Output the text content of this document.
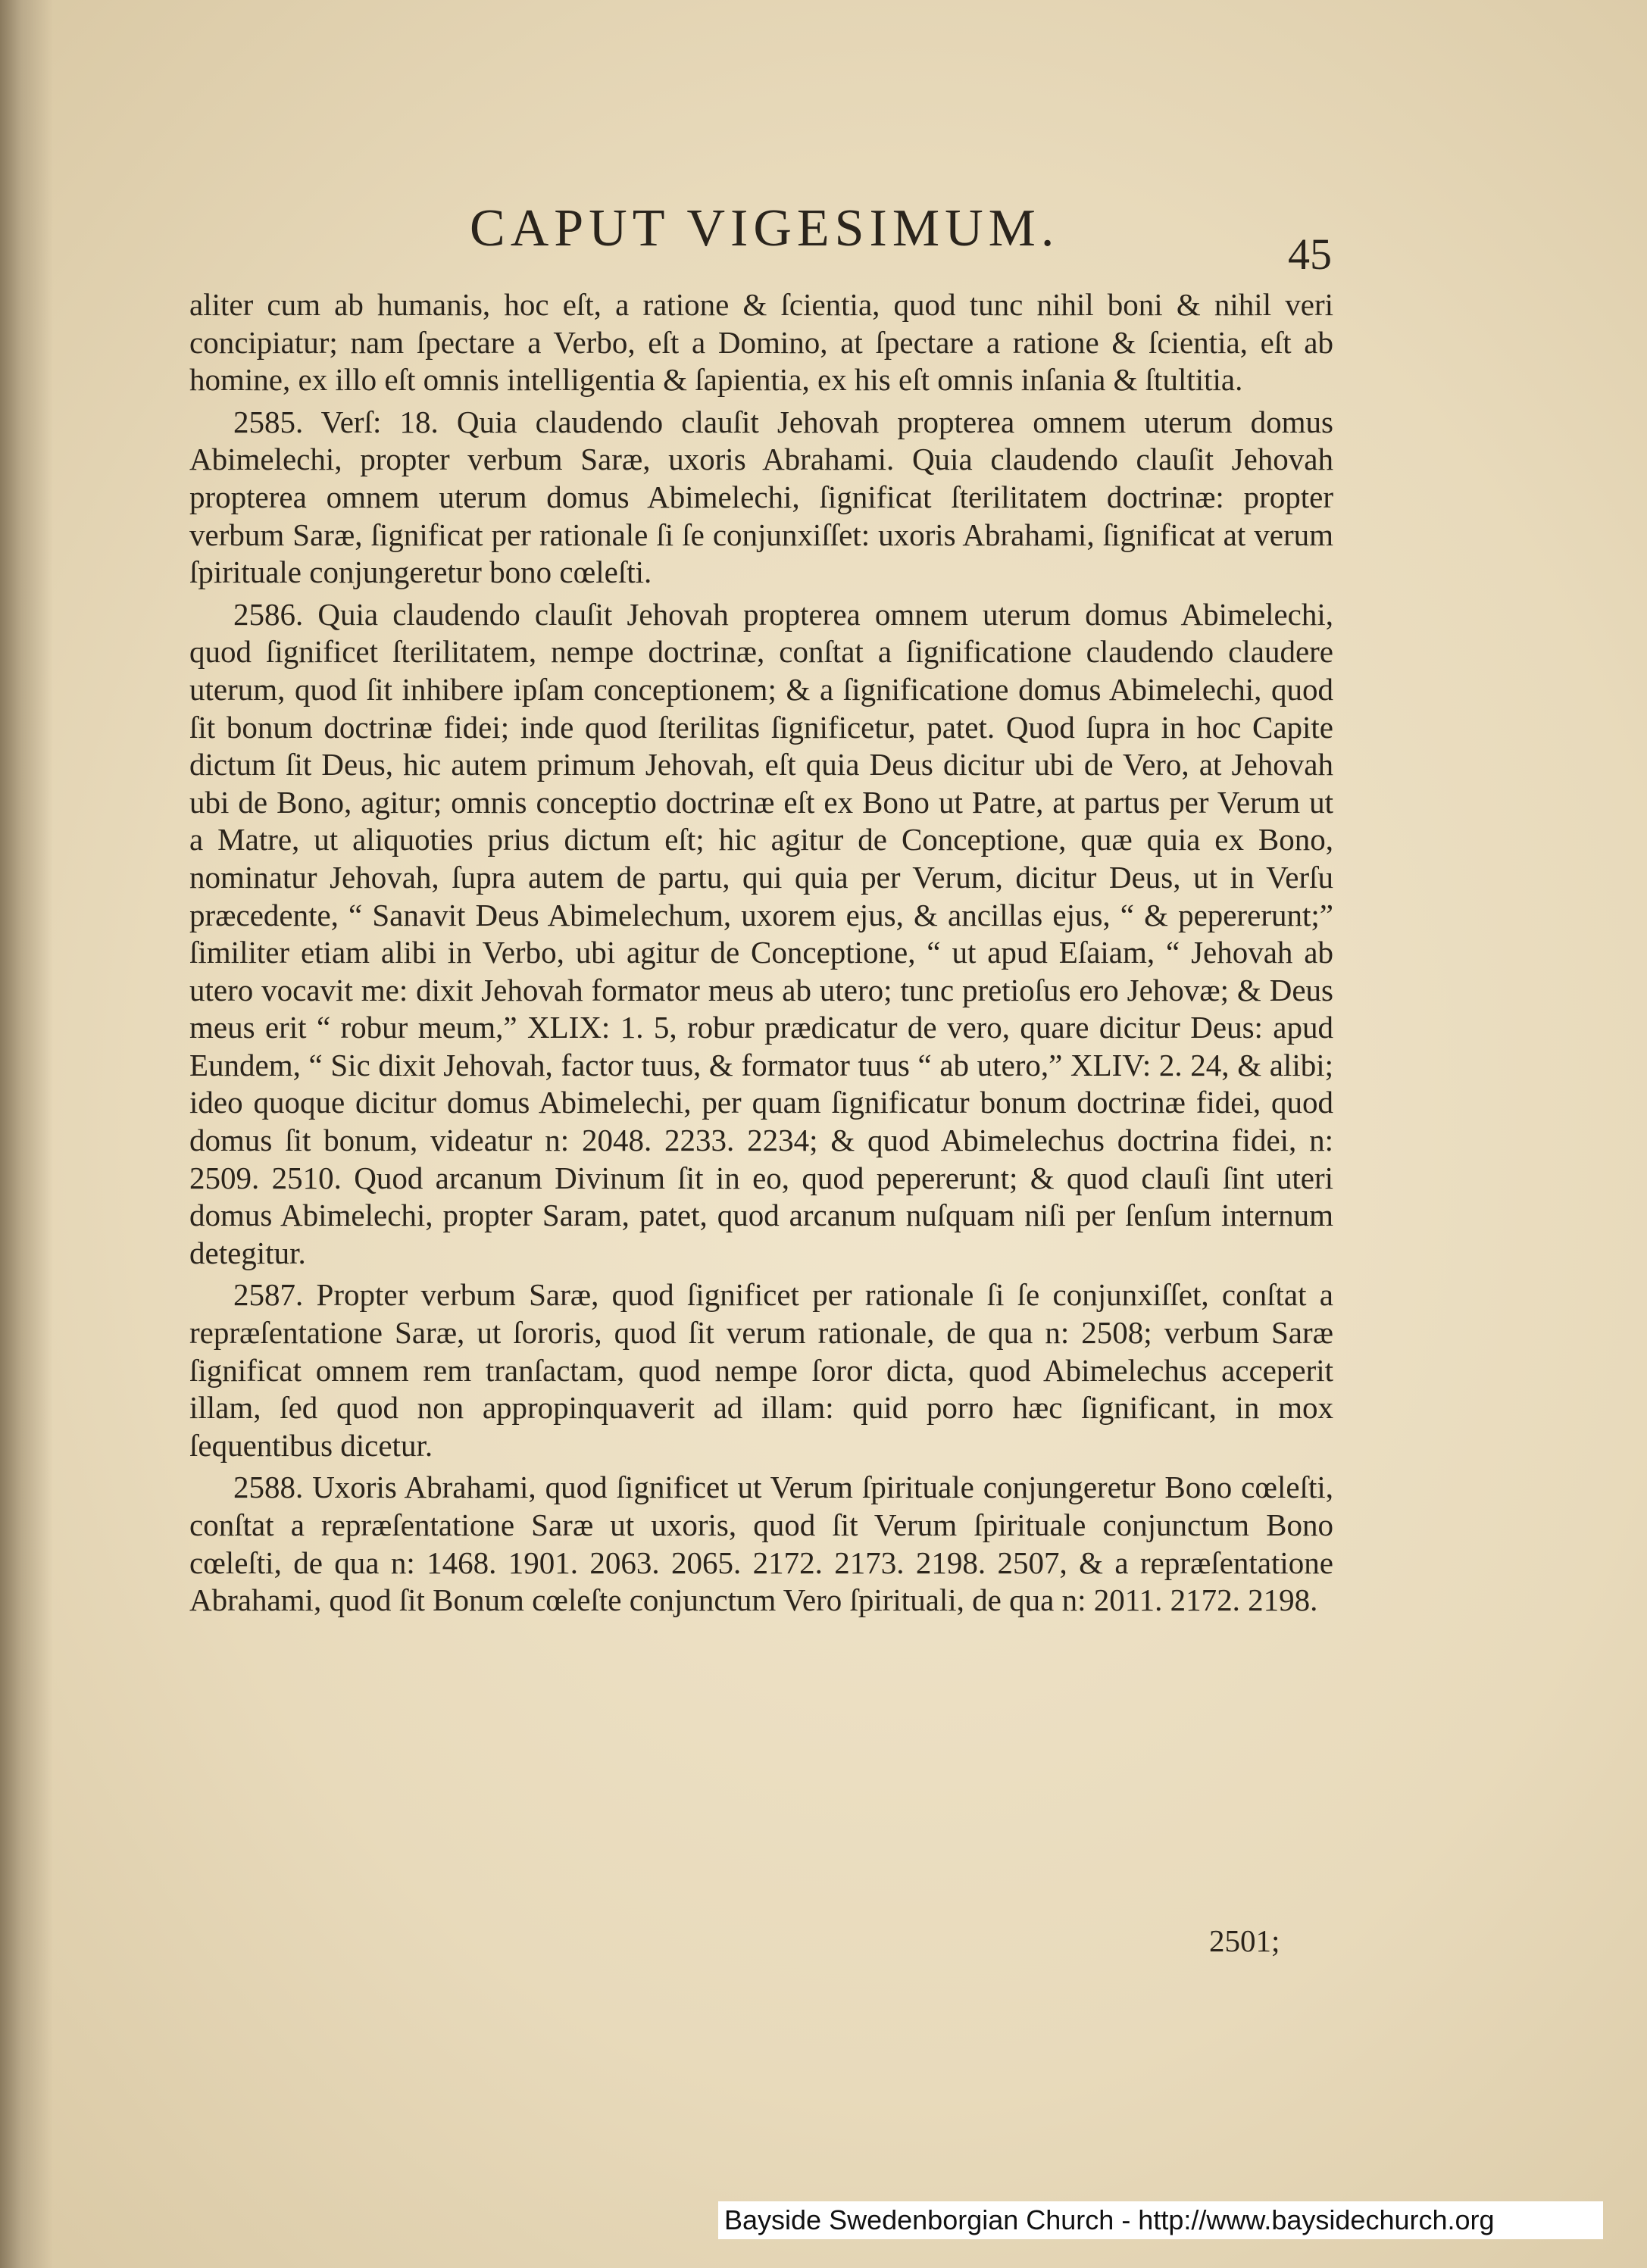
CAPUT VIGESIMUM.	45

aliter cum ab humanis, hoc eſt, a ratione & ſcientia, quod tunc nihil boni & nihil veri concipiatur; nam ſpectare a Verbo, eſt a Domino, at ſpectare a ratione & ſcientia, eſt ab homine, ex illo eſt omnis intelligentia & ſapientia, ex his eſt omnis inſania & ſtultitia.

2585. Verſ: 18. Quia claudendo clauſit Jehovah propterea omnem uterum domus Abimelechi, propter verbum Saræ, uxoris Abrahami. Quia claudendo clauſit Jehovah propterea omnem uterum domus Abimelechi, ſignificat ſterilitatem doctrinæ: propter verbum Saræ, ſignificat per rationale ſi ſe conjunxiſſet: uxoris Abrahami, ſignificat at verum ſpirituale conjungeretur bono cœleſti.

2586. Quia claudendo clauſit Jehovah propterea omnem uterum domus Abimelechi, quod ſignificet ſterilitatem, nempe doctrinæ, conſtat a ſignificatione claudendo claudere uterum, quod ſit inhibere ipſam conceptionem; & a ſignificatione domus Abimelechi, quod ſit bonum doctrinæ fidei; inde quod ſterilitas ſignificetur, patet. Quod ſupra in hoc Capite dictum ſit Deus, hic autem primum Jehovah, eſt quia Deus dicitur ubi de Vero, at Jehovah ubi de Bono, agitur; omnis conceptio doctrinæ eſt ex Bono ut Patre, at partus per Verum ut a Matre, ut aliquoties prius dictum eſt; hic agitur de Conceptione, quæ quia ex Bono, nominatur Jehovah, ſupra autem de partu, qui quia per Verum, dicitur Deus, ut in Verſu præcedente, “ Sanavit Deus Abimelechum, uxorem ejus, & ancillas ejus, “ & pepererunt;” ſimiliter etiam alibi in Verbo, ubi agitur de Conceptione, “ ut apud Eſaiam, “ Jehovah ab utero vocavit me: dixit Jehovah formator meus ab utero; tunc pretioſus ero Jehovæ; & Deus meus erit “ robur meum,” XLIX: 1. 5, robur prædicatur de vero, quare dicitur Deus: apud Eundem, “ Sic dixit Jehovah, factor tuus, & formator tuus “ ab utero,” XLIV: 2. 24, & alibi; ideo quoque dicitur domus Abimelechi, per quam ſignificatur bonum doctrinæ fidei, quod domus ſit bonum, videatur n: 2048. 2233. 2234; & quod Abimelechus doctrina fidei, n: 2509. 2510. Quod arcanum Divinum ſit in eo, quod pepererunt; & quod clauſi ſint uteri domus Abimelechi, propter Saram, patet, quod arcanum nuſquam niſi per ſenſum internum detegitur.

2587. Propter verbum Saræ, quod ſignificet per rationale ſi ſe conjunxiſſet, conſtat a repræſentatione Saræ, ut ſororis, quod ſit verum rationale, de qua n: 2508; verbum Saræ ſignificat omnem rem tranſactam, quod nempe ſoror dicta, quod Abimelechus acceperit illam, ſed quod non appropinquaverit ad illam: quid porro hæc ſignificant, in mox ſequentibus dicetur.

2588. Uxoris Abrahami, quod ſignificet ut Verum ſpirituale conjungeretur Bono cœleſti, conſtat a repræſentatione Saræ ut uxoris, quod ſit Verum ſpirituale conjunctum Bono cœleſti, de qua n: 1468. 1901. 2063. 2065. 2172. 2173. 2198. 2507, & a repræſentatione Abrahami, quod ſit Bonum cœleſte conjunctum Vero ſpirituali, de qua n: 2011. 2172. 2198.

2501;
Bayside Swedenborgian Church - http://www.baysidechurch.org
